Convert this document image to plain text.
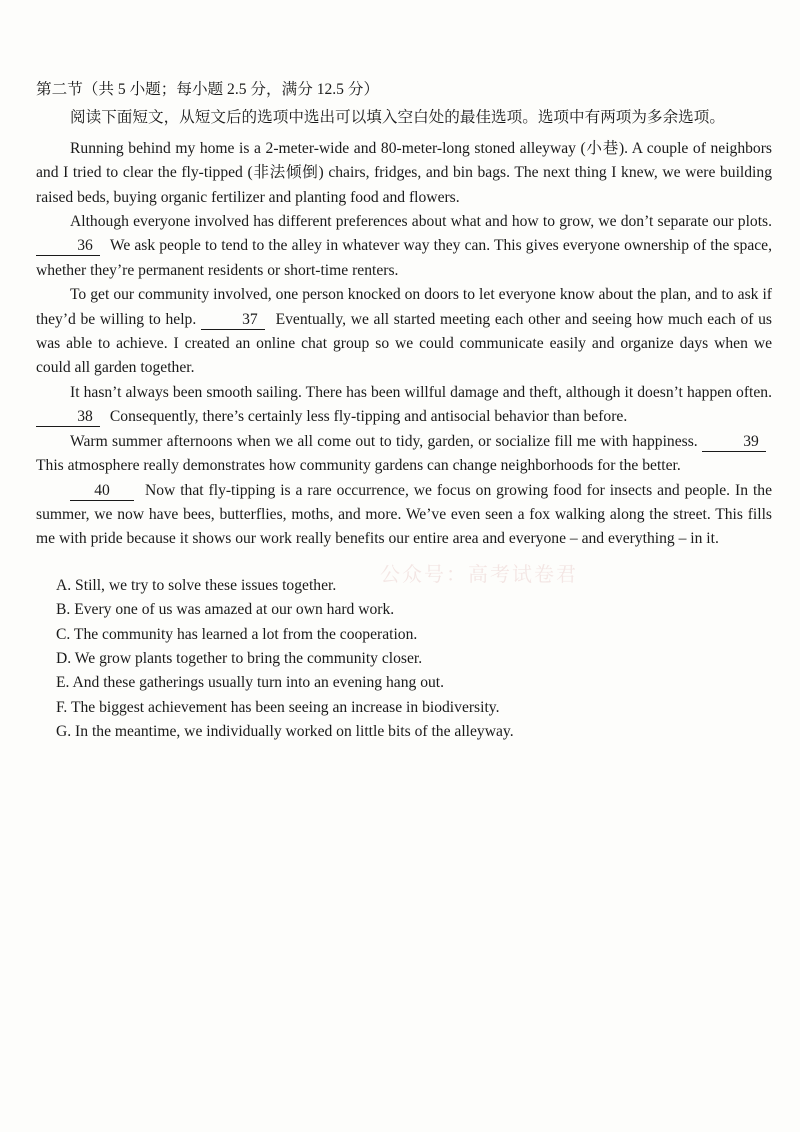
第二节（共 5 小题；每小题 2.5 分，满分 12.5 分）

阅读下面短文，从短文后的选项中选出可以填入空白处的最佳选项。选项中有两项为多余选项。

Running behind my home is a 2-meter-wide and 80-meter-long stoned alleyway (小巷). A couple of neighbors and I tried to clear the fly-tipped (非法倾倒) chairs, fridges, and bin bags. The next thing I knew, we were building raised beds, buying organic fertilizer and planting food and flowers.

Although everyone involved has different preferences about what and how to grow, we don’t separate our plots. 36 We ask people to tend to the alley in whatever way they can. This gives everyone ownership of the space, whether they’re permanent residents or short-time renters.

To get our community involved, one person knocked on doors to let everyone know about the plan, and to ask if they’d be willing to help.	37 Eventually, we all started meeting each other and seeing how much each of us was able to achieve. I created an online chat group so we could communicate easily and organize days when we could all garden together.

It hasn’t always been smooth sailing. There has been willful damage and theft, although it doesn’t happen often. 38 Consequently, there’s certainly less fly-tipping and antisocial behavior than before.

Warm summer afternoons when we all come out to tidy, garden, or socialize fill me with happiness.	39 This atmosphere really demonstrates how community gardens can change neighborhoods for the better.

40 Now that fly-tipping is a rare occurrence, we focus on growing food for insects and people. In the summer, we now have bees, butterflies, moths, and more. We’ve even seen a fox walking along the street. This fills me with pride because it shows our work really benefits our entire area and everyone – and everything – in it.

A. Still, we try to solve these issues together.

B. Every one of us was amazed at our own hard work.

C. The community has learned a lot from the cooperation.

D. We grow plants together to bring the community closer.

E. And these gatherings usually turn into an evening hang out.

F. The biggest achievement has been seeing an increase in biodiversity.

G. In the meantime, we individually worked on little bits of the alleyway.

公众号：高考试卷君
